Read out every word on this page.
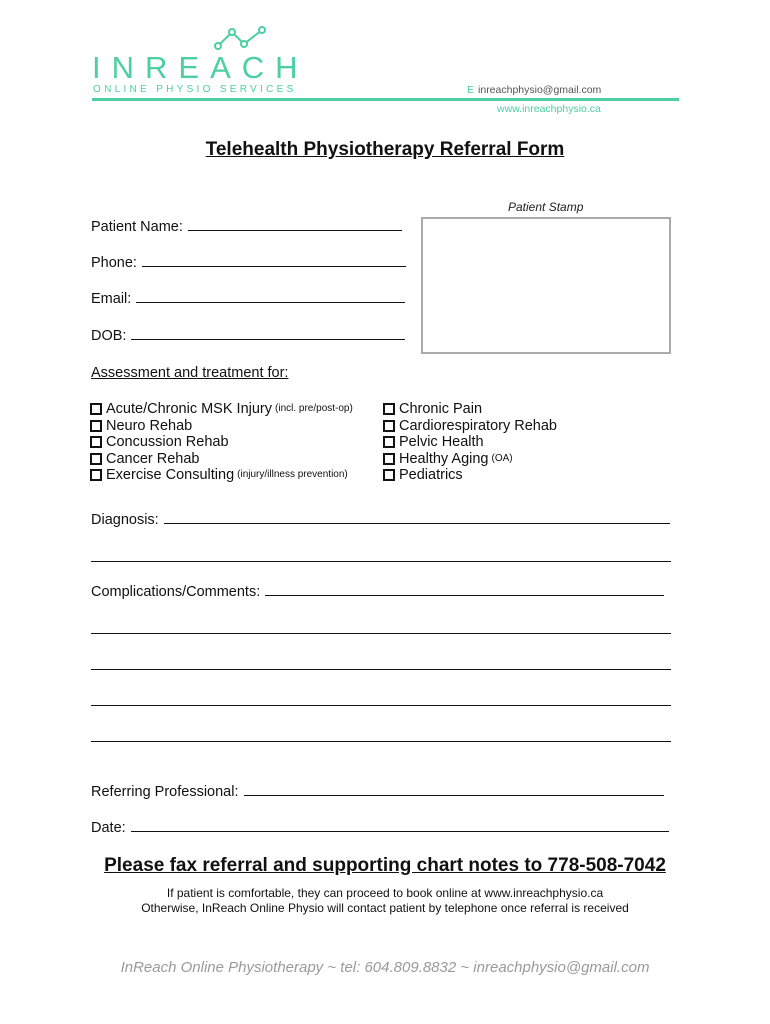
INREACH
ONLINE PHYSIO SERVICES	E inreachphysio@gmail.com
www.inreachphysio.ca
Telehealth Physiotherapy Referral Form
Patient Stamp
Patient Name:
Phone:
Email:
DOB:
Assessment and treatment for:
Acute/Chronic MSK Injury (incl. pre/post-op)
Neuro Rehab
Concussion Rehab
Cancer Rehab
Exercise Consulting (injury/illness prevention)
Chronic Pain
Cardiorespiratory Rehab
Pelvic Health
Healthy Aging (OA)
Pediatrics
Diagnosis:
Complications/Comments:
Referring Professional:
Date:
Please fax referral and supporting chart notes to 778-508-7042
If patient is comfortable, they can proceed to book online at www.inreachphysio.ca
Otherwise, InReach Online Physio will contact patient by telephone once referral is received
InReach Online Physiotherapy ~ tel: 604.809.8832 ~ inreachphysio@gmail.com
